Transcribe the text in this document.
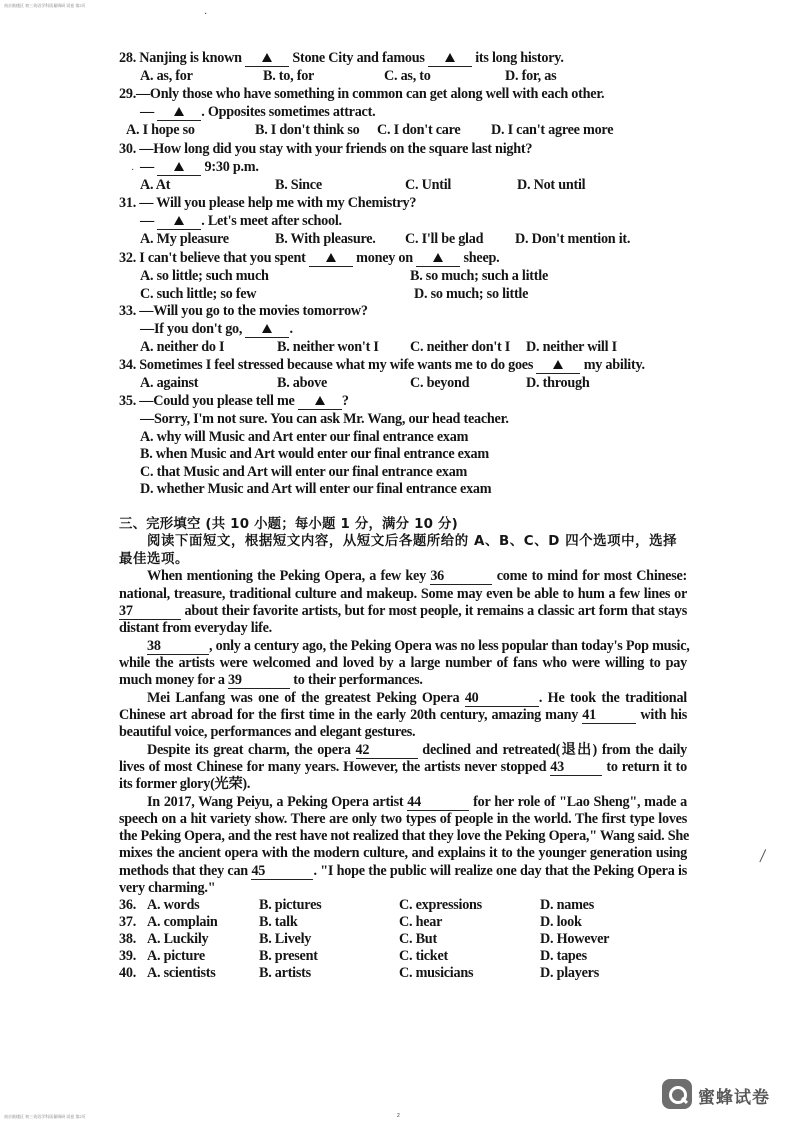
南京鼓楼区 初三英语学科质量调研 试卷 第2页
南京鼓楼区 初三英语学科质量调研 试卷 第2页	2
·
·
28. Nanjing is known	Stone City and famous	its long history.
A. as, for	B. to, for	C. as, to	D. for, as
29.—Only those who have something in common can get along well with each other.
—	. Opposites sometimes attract.
A. I hope so	B. I don't think so C. I don't care D. I can't agree more
30. —How long did you stay with your friends on the square last night?
—	9:30 p.m.
A. At	B. Since	C. Until	D. Not until
31. — Will you please help me with my Chemistry?
—	. Let's meet after school.
A. My pleasure	B. With pleasure. C. I'll be glad D. Don't mention it.
32. I can't believe that you spent	money on	sheep.
A. so little; such much	B. so much; such a little
C. such little; so few	D. so much; so little
33. —Will you go to the movies tomorrow?
—If you don't go,	.
A. neither do I	B. neither won't I C. neither don't I D. neither will I
34. Sometimes I feel stressed because what my wife wants me to do goes	my ability.
A. against	B. above	C. beyond	D. through
35. —Could you please tell me	?
—Sorry, I'm not sure. You can ask Mr. Wang, our head teacher.
A. why will Music and Art enter our final entrance exam
B. when Music and Art would enter our final entrance exam
C. that Music and Art will enter our final entrance exam
D. whether Music and Art will enter our final entrance exam
三、完形填空 (共 10 小题；每小题 1 分，满分 10 分)
阅读下面短文，根据短文内容，从短文后各题所给的 A、B、C、D 四个选项中，选择
最佳选项。
When mentioning the Peking Opera, a few key 36	come to mind for most Chinese:
national, treasure, traditional culture and makeup. Some may even be able to hum a few lines or
37	about their favorite artists, but for most people, it remains a classic art form that stays
distant from everyday life.
38	, only a century ago, the Peking Opera was no less popular than today's Pop music,
while the artists were welcomed and loved by a large number of fans who were willing to pay
much money for a 39	to their performances.
Mei Lanfang was one of the greatest Peking Opera 40	. He took the traditional
Chinese art abroad for the first time in the early 20th century, amazing many 41	with his
beautiful voice, performances and elegant gestures.
Despite its great charm, the opera 42	declined and retreated(退出) from the daily
lives of most Chinese for many years. However, the artists never stopped 43	to return it to
its former glory(光荣).
In 2017, Wang Peiyu, a Peking Opera artist 44	for her role of "Lao Sheng", made a
speech on a hit variety show. There are only two types of people in the world. The first type loves
the Peking Opera, and the rest have not realized that they love the Peking Opera," Wang said. She
mixes the ancient opera with the modern culture, and explains it to the younger generation using
methods that they can 45	. "I hope the public will realize one day that the Peking Opera is
very charming."
36. A. words	B. pictures	C. expressions	D. names
37. A. complain	B. talk	C. hear	D. look
38. A. Luckily	B. Lively	C. But	D. However
39. A. picture	B. present	C. ticket	D. tapes
40. A. scientists	B. artists	C. musicians	D. players
蜜蜂试卷
